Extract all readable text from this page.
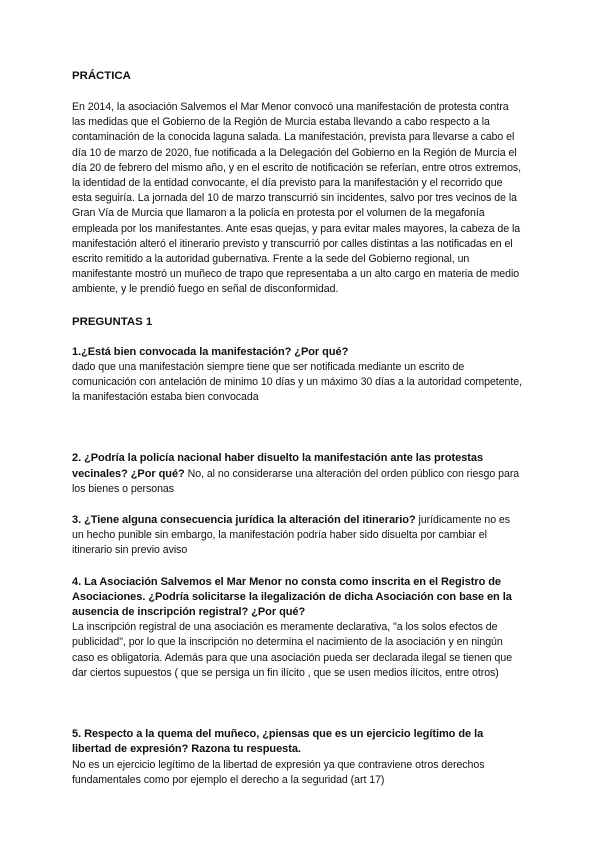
PRÁCTICA

En 2014, la asociación Salvemos el Mar Menor convocó una manifestación de protesta contra las medidas que el Gobierno de la Región de Murcia estaba llevando a cabo respecto a la contaminación de la conocida laguna salada. La manifestación, prevista para llevarse a cabo el día 10 de marzo de 2020, fue notificada a la Delegación del Gobierno en la Región de Murcia el día 20 de febrero del mismo año, y en el escrito de notificación se referían, entre otros extremos, la identidad de la entidad convocante, el día previsto para la manifestación y el recorrido que esta seguiría. La jornada del 10 de marzo transcurrió sin incidentes, salvo por tres vecinos de la Gran Vía de Murcia que llamaron a la policía en protesta por el volumen de la megafonía empleada por los manifestantes. Ante esas quejas, y para evitar males mayores, la cabeza de la manifestación alteró el itinerario previsto y transcurrió por calles distintas a las notificadas en el escrito remitido a la autoridad gubernativa. Frente a la sede del Gobierno regional, un manifestante mostró un muñeco de trapo que representaba a un alto cargo en materia de medio ambiente, y le prendió fuego en señal de disconformidad.

PREGUNTAS 1

1.¿Está bien convocada la manifestación? ¿Por qué?
dado que una manifestación siempre tiene que ser notificada mediante un escrito de comunicación con antelación de minimo 10 días y un máximo 30 días a la autoridad competente, la manifestación estaba bien convocada
2. ¿Podría la policía nacional haber disuelto la manifestación ante las protestas vecinales? ¿Por qué? No, al no considerarse una alteración del orden público con riesgo para los bienes o personas
3. ¿Tiene alguna consecuencia jurídica la alteración del itinerario? jurídicamente no es un hecho punible sin embargo, la manifestación podría haber sido disuelta por cambiar el itinerario sin previo aviso
4. La Asociación Salvemos el Mar Menor no consta como inscrita en el Registro de Asociaciones. ¿Podría solicitarse la ilegalización de dicha Asociación con base en la ausencia de inscripción registral? ¿Por qué?
La inscripción registral de una asociación es meramente declarativa, "a los solos efectos de publicidad", por lo que la inscripción no determina el nacimiento de la asociación y en ningún caso es obligatoria. Además para que una asociación pueda ser declarada ilegal se tienen que dar ciertos supuestos ( que se persiga un fin ilícito , que se usen medios ilícitos, entre otros)
5. Respecto a la quema del muñeco, ¿piensas que es un ejercicio legítimo de la libertad de expresión? Razona tu respuesta.
No es un ejercicio legítimo de la libertad de expresión ya que contraviene otros derechos fundamentales como por ejemplo el derecho a la seguridad (art 17)
